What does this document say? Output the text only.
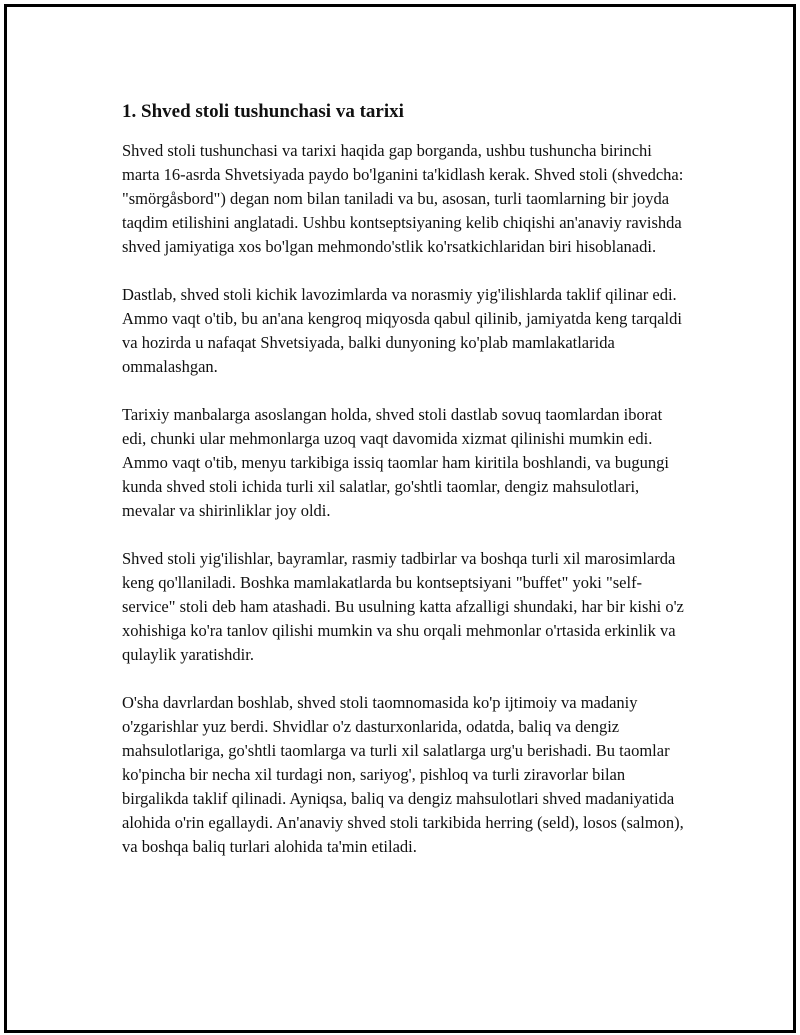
1. Shved stoli tushunchasi va tarixi

Shved stoli tushunchasi va tarixi haqida gap borganda, ushbu tushuncha birinchi marta 16-asrda Shvetsiyada paydo bo'lganini ta'kidlash kerak. Shved stoli (shvedcha: "smörgåsbord") degan nom bilan taniladi va bu, asosan, turli taomlarning bir joyda taqdim etilishini anglatadi. Ushbu kontseptsiyaning kelib chiqishi an'anaviy ravishda shved jamiyatiga xos bo'lgan mehmondo'stlik ko'rsatkichlaridan biri hisoblanadi.

Dastlab, shved stoli kichik lavozimlarda va norasmiy yig'ilishlarda taklif qilinar edi. Ammo vaqt o'tib, bu an'ana kengroq miqyosda qabul qilinib, jamiyatda keng tarqaldi va hozirda u nafaqat Shvetsiyada, balki dunyoning ko'plab mamlakatlarida ommalashgan.

Tarixiy manbalarga asoslangan holda, shved stoli dastlab sovuq taomlardan iborat edi, chunki ular mehmonlarga uzoq vaqt davomida xizmat qilinishi mumkin edi. Ammo vaqt o'tib, menyu tarkibiga issiq taomlar ham kiritila boshlandi, va bugungi kunda shved stoli ichida turli xil salatlar, go'shtli taomlar, dengiz mahsulotlari, mevalar va shirinliklar joy oldi.

Shved stoli yig'ilishlar, bayramlar, rasmiy tadbirlar va boshqa turli xil marosimlarda keng qo'llaniladi. Boshka mamlakatlarda bu kontseptsiyani "buffet" yoki "self-service" stoli deb ham atashadi. Bu usulning katta afzalligi shundaki, har bir kishi o'z xohishiga ko'ra tanlov qilishi mumkin va shu orqali mehmonlar o'rtasida erkinlik va qulaylik yaratishdir.

O'sha davrlardan boshlab, shved stoli taomnomasida ko'p ijtimoiy va madaniy o'zgarishlar yuz berdi. Shvidlar o'z dasturxonlarida, odatda, baliq va dengiz mahsulotlariga, go'shtli taomlarga va turli xil salatlarga urg'u berishadi. Bu taomlar ko'pincha bir necha xil turdagi non, sariyog', pishloq va turli ziravorlar bilan birgalikda taklif qilinadi. Ayniqsa, baliq va dengiz mahsulotlari shved madaniyatida alohida o'rin egallaydi. An'anaviy shved stoli tarkibida herring (seld), losos (salmon), va boshqa baliq turlari alohida ta'min etiladi.
